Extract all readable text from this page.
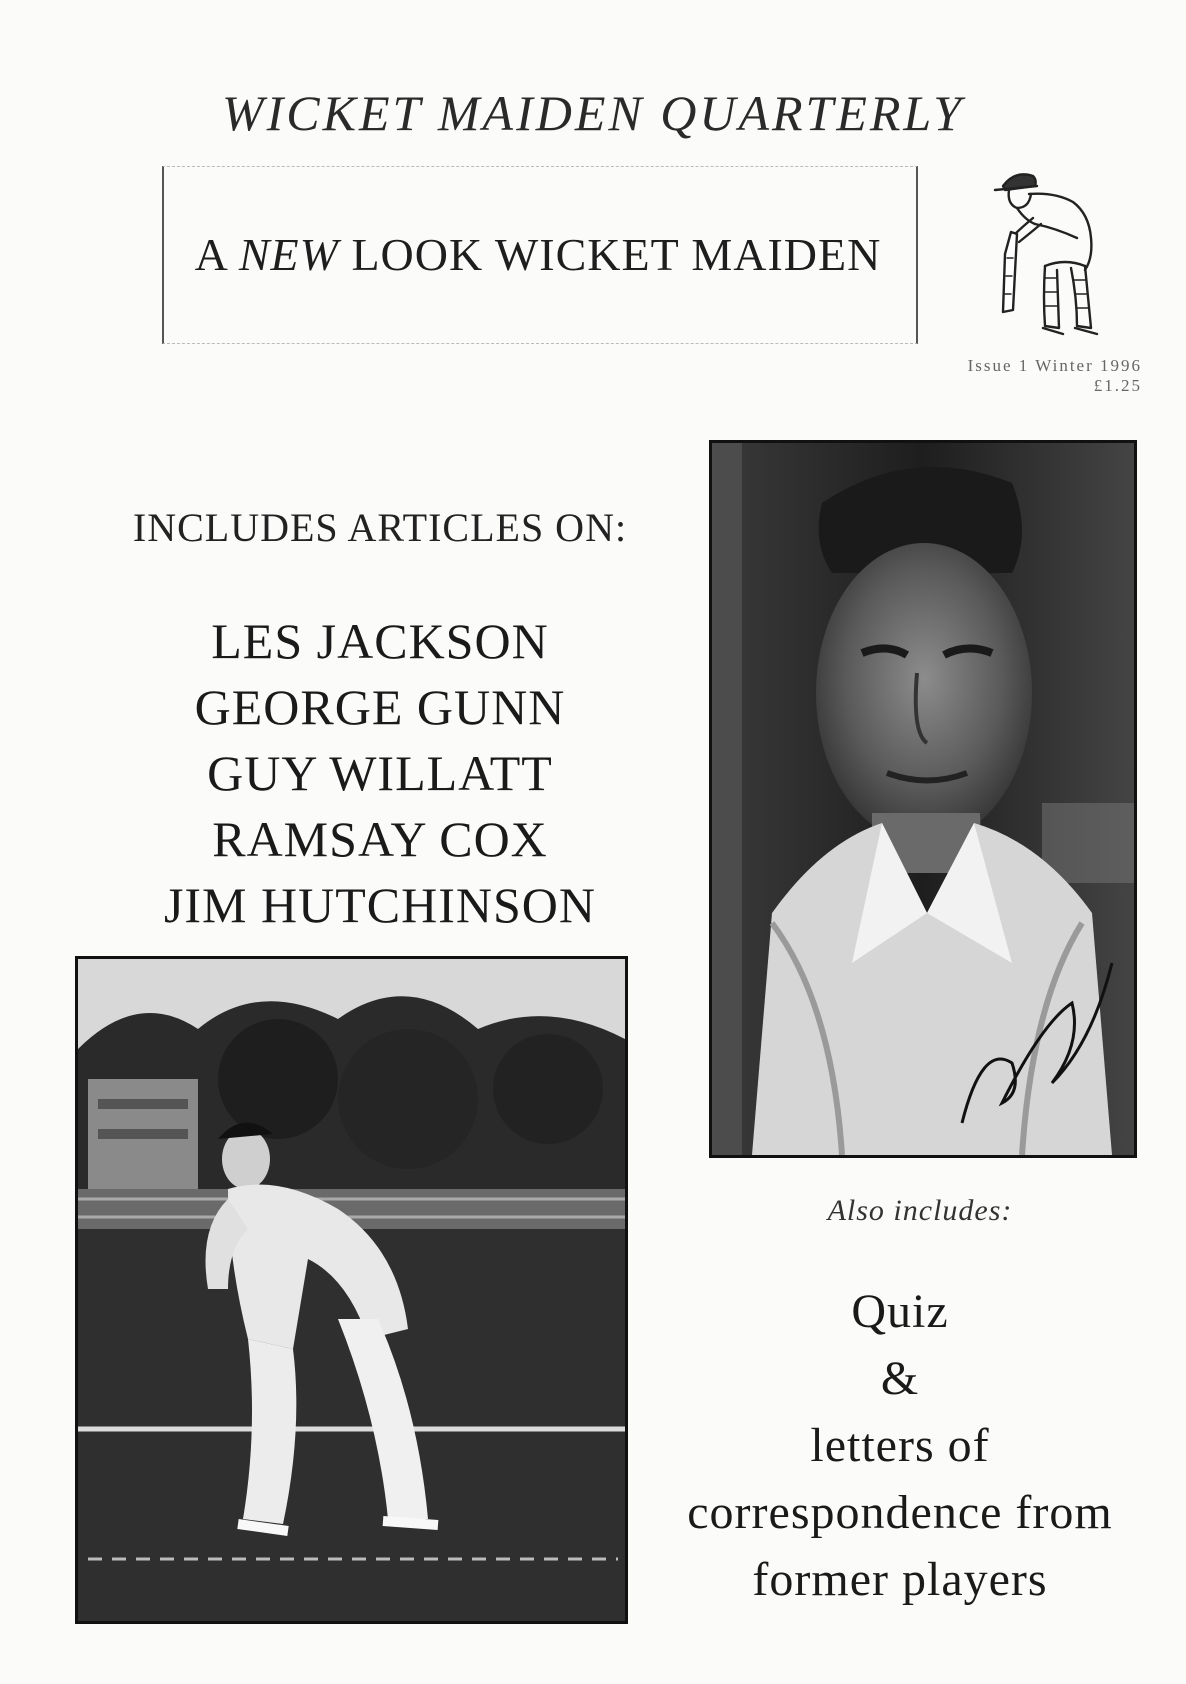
WICKET MAIDEN QUARTERLY
A NEW LOOK WICKET MAIDEN
Issue 1 Winter 1996
£1.25
INCLUDES ARTICLES ON:
LES JACKSON
GEORGE GUNN
GUY WILLATT
RAMSAY COX
JIM HUTCHINSON
Also includes:
Quiz
&
letters of
correspondence from
former players
